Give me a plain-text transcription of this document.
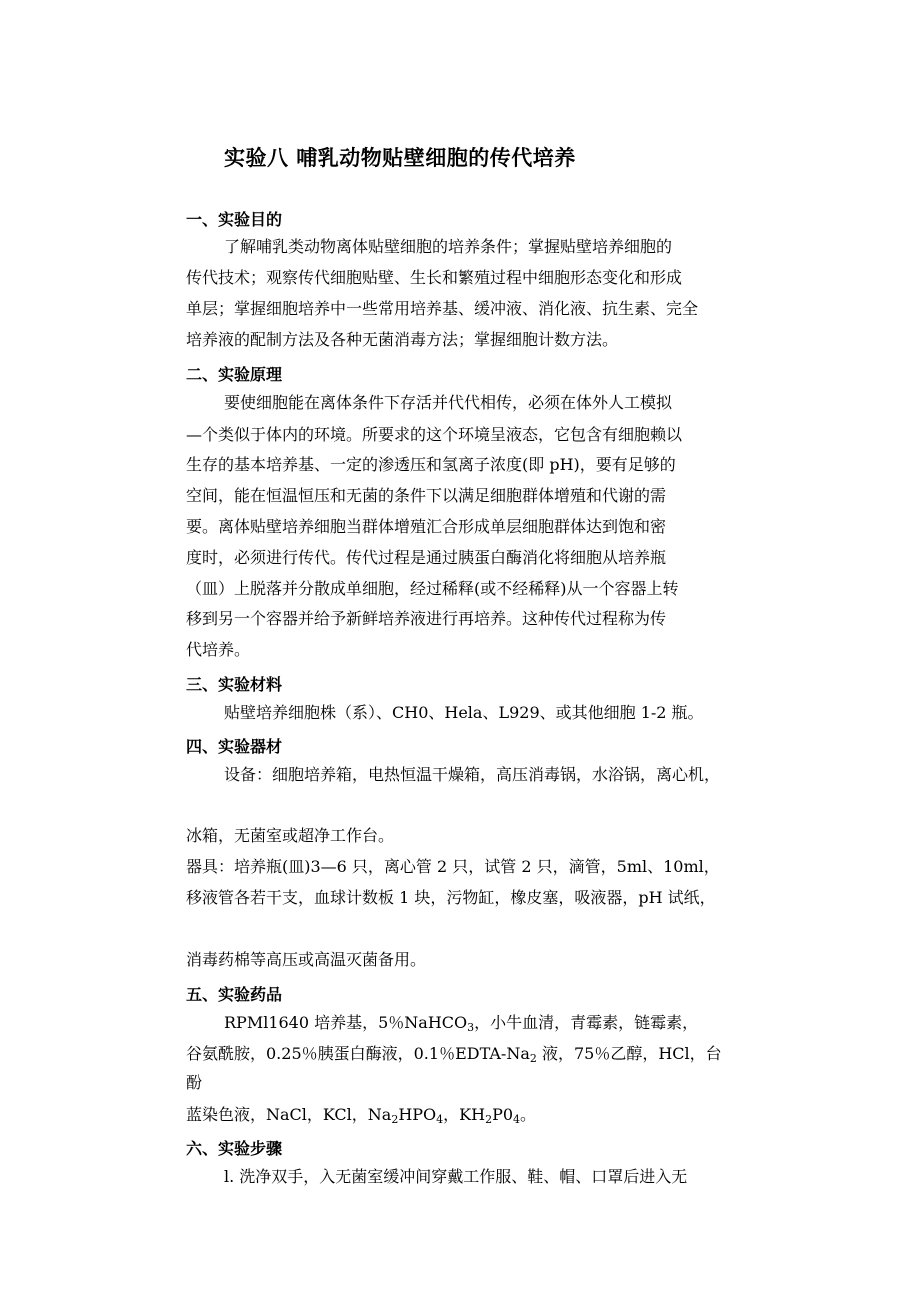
实验八 哺乳动物贴壁细胞的传代培养
一、实验目的
了解哺乳类动物离体贴壁细胞的培养条件；掌握贴壁培养细胞的
传代技术；观察传代细胞贴壁、生长和繁殖过程中细胞形态变化和形成
单层；掌握细胞培养中一些常用培养基、缓冲液、消化液、抗生素、完全
培养液的配制方法及各种无菌消毒方法；掌握细胞计数方法。
二、实验原理
要使细胞能在离体条件下存活并代代相传，必须在体外人工模拟
—个类似于体内的环境。所要求的这个环境呈液态，它包含有细胞赖以
生存的基本培养基、一定的渗透压和氢离子浓度(即 pH)，要有足够的
空间，能在恒温恒压和无菌的条件下以满足细胞群体增殖和代谢的需
要。离体贴壁培养细胞当群体增殖汇合形成单层细胞群体达到饱和密
度时，必须进行传代。传代过程是通过胰蛋白酶消化将细胞从培养瓶
（皿）上脱落并分散成单细胞，经过稀释(或不经稀释)从一个容器上转
移到另一个容器并给予新鲜培养液进行再培养。这种传代过程称为传
代培养。
三、实验材料
贴壁培养细胞株（系）、CH0、Hela、L929、或其他细胞 1-2 瓶。
四、实验器材
设备：细胞培养箱，电热恒温干燥箱，高压消毒锅，水浴锅，离心机，
冰箱，无菌室或超净工作台。
器具：培养瓶(皿)3—6 只，离心管 2 只，试管 2 只，滴管，5ml、10ml，
移液管各若干支，血球计数板 1 块，污物缸，橡皮塞，吸液器，pH 试纸，
消毒药棉等高压或高温灭菌备用。
五、实验药品
RPMl1640 培养基，5％NaHCO$_3$，小牛血清，青霉素，链霉素，
谷氨酰胺，0.25％胰蛋白酶液，0.1％EDTA-$Na_2$ 液，75％乙醇，HCl，台
酚
蓝染色液，NaCl，KCl，$Na_2HPO_4$，$KH_2P0_4$。
六、实验步骤
l. 洗净双手，入无菌室缓冲间穿戴工作服、鞋、帽、口罩后进入无
